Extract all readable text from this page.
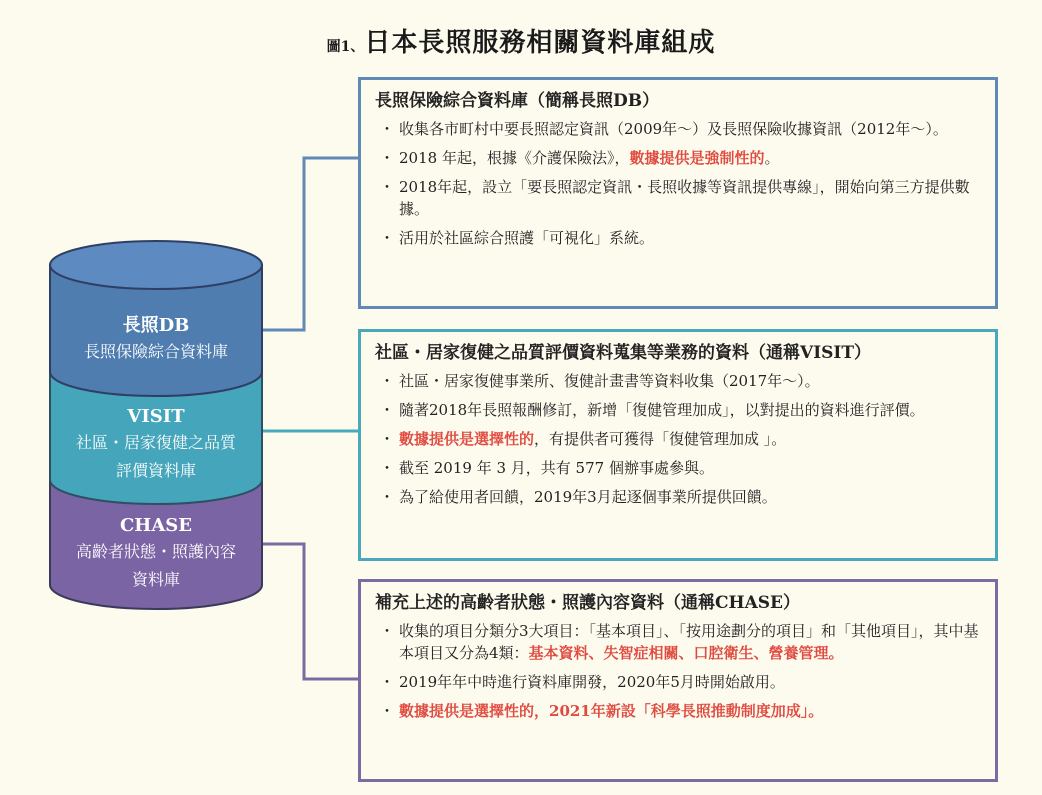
圖1、日本長照服務相關資料庫組成
長照DB
長照保險綜合資料庫
VISIT
社區・居家復健之品質
評價資料庫
CHASE
高齡者狀態・照護內容
資料庫
長照保險綜合資料庫（簡稱長照DB）
・ 收集各市町村中要長照認定資訊（2009年～）及長照保險收據資訊（2012年～）。
・ 2018 年起，根據《介護保險法》，數據提供是強制性的。
・ 2018年起，設立「要長照認定資訊・長照收據等資訊提供專線」，開始向第三方提供數據。
・ 活用於社區綜合照護「可視化」系統。
社區・居家復健之品質評價資料蒐集等業務的資料（通稱VISIT）
・ 社區・居家復健事業所、復健計畫書等資料收集（2017年～）。
・ 隨著2018年長照報酬修訂，新增「復健管理加成」，以對提出的資料進行評價。
・ 數據提供是選擇性的，有提供者可獲得「復健管理加成 」。
・ 截至 2019 年 3 月，共有 577 個辦事處參與。
・ 為了給使用者回饋，2019年3月起逐個事業所提供回饋。
補充上述的高齡者狀態・照護內容資料（通稱CHASE）
・ 收集的項目分類分3大項目：「基本項目」、「按用途劃分的項目」和「其他項目」，其中基本項目又分為4類：基本資料、失智症相關、口腔衛生、營養管理。
・ 2019年年中時進行資料庫開發，2020年5月時開始啟用。
・ 數據提供是選擇性的，2021年新設「科學長照推動制度加成」。
